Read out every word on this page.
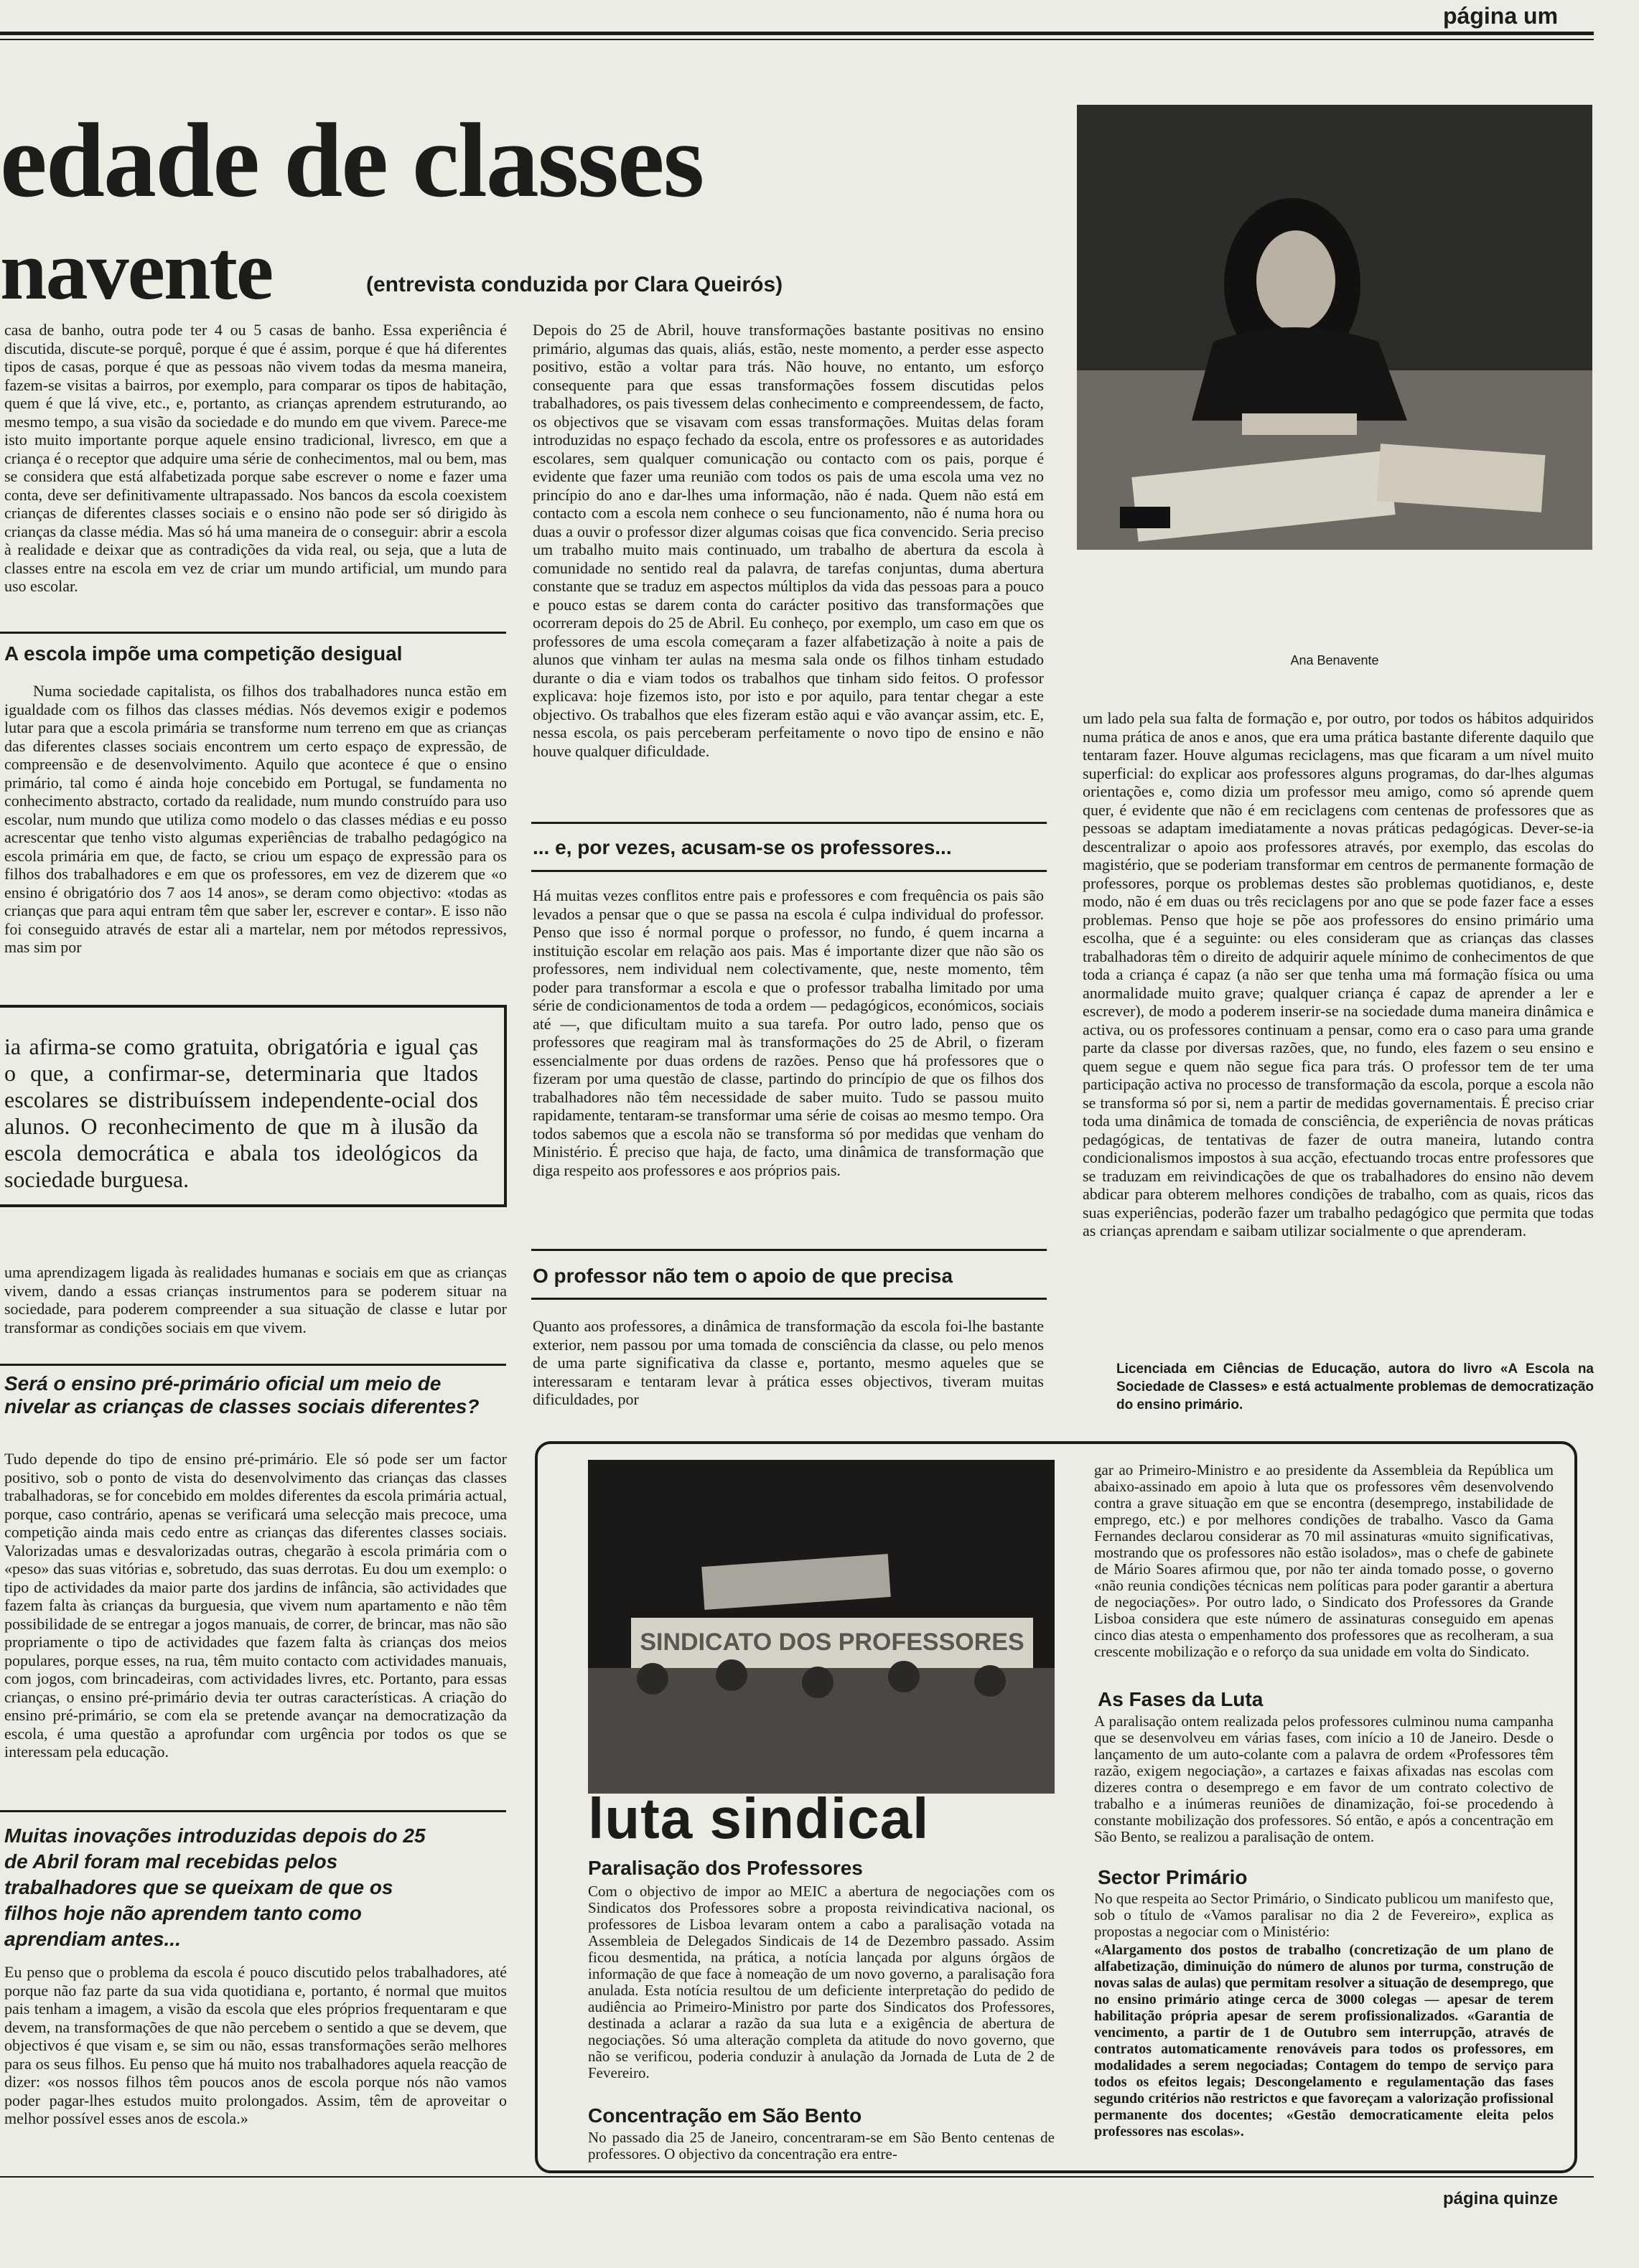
página um
edade de classes
navente	(entrevista conduzida por Clara Queirós)
casa de banho, outra pode ter 4 ou 5 casas de banho. Essa experiência é discutida, discute-se porquê, porque é que é assim, porque é que há diferentes tipos de casas, porque é que as pessoas não vivem todas da mesma maneira, fazem-se visitas a bairros, por exemplo, para comparar os tipos de habitação, quem é que lá vive, etc., e, portanto, as crianças aprendem estruturando, ao mesmo tempo, a sua visão da sociedade e do mundo em que vivem. Parece-me isto muito importante porque aquele ensino tradicional, livresco, em que a criança é o receptor que adquire uma série de conhecimentos, mal ou bem, mas se considera que está alfabetizada porque sabe escrever o nome e fazer uma conta, deve ser definitivamente ultrapassado. Nos bancos da escola coexistem crianças de diferentes classes sociais e o ensino não pode ser só dirigido às crianças da classe média. Mas só há uma maneira de o conseguir: abrir a escola à realidade e deixar que as contradições da vida real, ou seja, que a luta de classes entre na escola em vez de criar um mundo artificial, um mundo para uso escolar.
A escola impõe uma competição desigual
Numa sociedade capitalista, os filhos dos trabalhadores nunca estão em igualdade com os filhos das classes médias. Nós devemos exigir e podemos lutar para que a escola primária se transforme num terreno em que as crianças das diferentes classes sociais encontrem um certo espaço de expressão, de compreensão e de desenvolvimento. Aquilo que acontece é que o ensino primário, tal como é ainda hoje concebido em Portugal, se fundamenta no conhecimento abstracto, cortado da realidade, num mundo construído para uso escolar, num mundo que utiliza como modelo o das classes médias e eu posso acrescentar que tenho visto algumas experiências de trabalho pedagógico na escola primária em que, de facto, se criou um espaço de expressão para os filhos dos trabalhadores e em que os professores, em vez de dizerem que «o ensino é obrigatório dos 7 aos 14 anos», se deram como objectivo: «todas as crianças que para aqui entram têm que saber ler, escrever e contar». E isso não foi conseguido através de estar ali a martelar, nem por métodos repressivos, mas sim por
ia afirma-se como gratuita, obrigatória e igual ças o que, a confirmar-se, determinaria que ltados escolares se distribuíssem independente-ocial dos alunos. O reconhecimento de que m à ilusão da escola democrática e abala tos ideológicos da sociedade burguesa.
uma aprendizagem ligada às realidades humanas e sociais em que as crianças vivem, dando a essas crianças instrumentos para se poderem situar na sociedade, para poderem compreender a sua situação de classe e lutar por transformar as condições sociais em que vivem.
Será o ensino pré-primário oficial um meio de nivelar as crianças de classes sociais diferentes?
Tudo depende do tipo de ensino pré-primário. Ele só pode ser um factor positivo, sob o ponto de vista do desenvolvimento das crianças das classes trabalhadoras, se for concebido em moldes diferentes da escola primária actual, porque, caso contrário, apenas se verificará uma selecção mais precoce, uma competição ainda mais cedo entre as crianças das diferentes classes sociais. Valorizadas umas e desvalorizadas outras, chegarão à escola primária com o «peso» das suas vitórias e, sobretudo, das suas derrotas. Eu dou um exemplo: o tipo de actividades da maior parte dos jardins de infância, são actividades que fazem falta às crianças da burguesia, que vivem num apartamento e não têm possibilidade de se entregar a jogos manuais, de correr, de brincar, mas não são propriamente o tipo de actividades que fazem falta às crianças dos meios populares, porque esses, na rua, têm muito contacto com actividades manuais, com jogos, com brincadeiras, com actividades livres, etc. Portanto, para essas crianças, o ensino pré-primário devia ter outras características. A criação do ensino pré-primário, se com ela se pretende avançar na democratização da escola, é uma questão a aprofundar com urgência por todos os que se interessam pela educação.
Muitas inovações introduzidas depois do 25 de Abril foram mal recebidas pelos trabalhadores que se queixam de que os filhos hoje não aprendem tanto como aprendiam antes...
Eu penso que o problema da escola é pouco discutido pelos trabalhadores, até porque não faz parte da sua vida quotidiana e, portanto, é normal que muitos pais tenham a imagem, a visão da escola que eles próprios frequentaram e que devem, na transformações de que não percebem o sentido a que se devem, que objectivos é que visam e, se sim ou não, essas transformações serão melhores para os seus filhos. Eu penso que há muito nos trabalhadores aquela reacção de dizer: «os nossos filhos têm poucos anos de escola porque nós não vamos poder pagar-lhes estudos muito prolongados. Assim, têm de aproveitar o melhor possível esses anos de escola.»
Depois do 25 de Abril, houve transformações bastante positivas no ensino primário, algumas das quais, aliás, estão, neste momento, a perder esse aspecto positivo, estão a voltar para trás. Não houve, no entanto, um esforço consequente para que essas transformações fossem discutidas pelos trabalhadores, os pais tivessem delas conhecimento e compreendessem, de facto, os objectivos que se visavam com essas transformações. Muitas delas foram introduzidas no espaço fechado da escola, entre os professores e as autoridades escolares, sem qualquer comunicação ou contacto com os pais, porque é evidente que fazer uma reunião com todos os pais de uma escola uma vez no princípio do ano e dar-lhes uma informação, não é nada. Quem não está em contacto com a escola nem conhece o seu funcionamento, não é numa hora ou duas a ouvir o professor dizer algumas coisas que fica convencido. Seria preciso um trabalho muito mais continuado, um trabalho de abertura da escola à comunidade no sentido real da palavra, de tarefas conjuntas, duma abertura constante que se traduz em aspectos múltiplos da vida das pessoas para a pouco e pouco estas se darem conta do carácter positivo das transformações que ocorreram depois do 25 de Abril. Eu conheço, por exemplo, um caso em que os professores de uma escola começaram a fazer alfabetização à noite a pais de alunos que vinham ter aulas na mesma sala onde os filhos tinham estudado durante o dia e viam todos os trabalhos que tinham sido feitos. O professor explicava: hoje fizemos isto, por isto e por aquilo, para tentar chegar a este objectivo. Os trabalhos que eles fizeram estão aqui e vão avançar assim, etc. E, nessa escola, os pais perceberam perfeitamente o novo tipo de ensino e não houve qualquer dificuldade.
... e, por vezes, acusam-se os professores...
Há muitas vezes conflitos entre pais e professores e com frequência os pais são levados a pensar que o que se passa na escola é culpa individual do professor. Penso que isso é normal porque o professor, no fundo, é quem incarna a instituição escolar em relação aos pais. Mas é importante dizer que não são os professores, nem individual nem colectivamente, que, neste momento, têm poder para transformar a escola e que o professor trabalha limitado por uma série de condicionamentos de toda a ordem — pedagógicos, económicos, sociais até —, que dificultam muito a sua tarefa. Por outro lado, penso que os professores que reagiram mal às transformações do 25 de Abril, o fizeram essencialmente por duas ordens de razões. Penso que há professores que o fizeram por uma questão de classe, partindo do princípio de que os filhos dos trabalhadores não têm necessidade de saber muito. Tudo se passou muito rapidamente, tentaram-se transformar uma série de coisas ao mesmo tempo. Ora todos sabemos que a escola não se transforma só por medidas que venham do Ministério. É preciso que haja, de facto, uma dinâmica de transformação que diga respeito aos professores e aos próprios pais.
O professor não tem o apoio de que precisa
Quanto aos professores, a dinâmica de transformação da escola foi-lhe bastante exterior, nem passou por uma tomada de consciência da classe, ou pelo menos de uma parte significativa da classe e, portanto, mesmo aqueles que se interessaram e tentaram levar à prática esses objectivos, tiveram muitas dificuldades, por
Ana Benavente
um lado pela sua falta de formação e, por outro, por todos os hábitos adquiridos numa prática de anos e anos, que era uma prática bastante diferente daquilo que tentaram fazer. Houve algumas reciclagens, mas que ficaram a um nível muito superficial: do explicar aos professores alguns programas, do dar-lhes algumas orientações e, como dizia um professor meu amigo, como só aprende quem quer, é evidente que não é em reciclagens com centenas de professores que as pessoas se adaptam imediatamente a novas práticas pedagógicas. Dever-se-ia descentralizar o apoio aos professores através, por exemplo, das escolas do magistério, que se poderiam transformar em centros de permanente formação de professores, porque os problemas destes são problemas quotidianos, e, deste modo, não é em duas ou três reciclagens por ano que se pode fazer face a esses problemas. Penso que hoje se põe aos professores do ensino primário uma escolha, que é a seguinte: ou eles consideram que as crianças das classes trabalhadoras têm o direito de adquirir aquele mínimo de conhecimentos de que toda a criança é capaz (a não ser que tenha uma má formação física ou uma anormalidade muito grave; qualquer criança é capaz de aprender a ler e escrever), de modo a poderem inserir-se na sociedade duma maneira dinâmica e activa, ou os professores continuam a pensar, como era o caso para uma grande parte da classe por diversas razões, que, no fundo, eles fazem o seu ensino e quem segue e quem não segue fica para trás. O professor tem de ter uma participação activa no processo de transformação da escola, porque a escola não se transforma só por si, nem a partir de medidas governamentais. É preciso criar toda uma dinâmica de tomada de consciência, de experiência de novas práticas pedagógicas, de tentativas de fazer de outra maneira, lutando contra condicionalismos impostos à sua acção, efectuando trocas entre professores que se traduzam em reivindicações de que os trabalhadores do ensino não devem abdicar para obterem melhores condições de trabalho, com as quais, ricos das suas experiências, poderão fazer um trabalho pedagógico que permita que todas as crianças aprendam e saibam utilizar socialmente o que aprenderam.
Licenciada em Ciências de Educação, autora do livro «A Escola na Sociedade de Classes» e está actualmente problemas de democratização do ensino primário.
SINDICATO DOS PROFESSORES
luta sindical
Paralisação dos Professores
Com o objectivo de impor ao MEIC a abertura de negociações com os Sindicatos dos Professores sobre a proposta reivindicativa nacional, os professores de Lisboa levaram ontem a cabo a paralisação votada na Assembleia de Delegados Sindicais de 14 de Dezembro passado. Assim ficou desmentida, na prática, a notícia lançada por alguns órgãos de informação de que face à nomeação de um novo governo, a paralisação fora anulada. Esta notícia resultou de um deficiente interpretação do pedido de audiência ao Primeiro-Ministro por parte dos Sindicatos dos Professores, destinada a aclarar a razão da sua luta e a exigência de abertura de negociações. Só uma alteração completa da atitude do novo governo, que não se verificou, poderia conduzir à anulação da Jornada de Luta de 2 de Fevereiro.
Concentração em São Bento
No passado dia 25 de Janeiro, concentraram-se em São Bento centenas de professores. O objectivo da concentração era entre-
gar ao Primeiro-Ministro e ao presidente da Assembleia da República um abaixo-assinado em apoio à luta que os professores vêm desenvolvendo contra a grave situação em que se encontra (desemprego, instabilidade de emprego, etc.) e por melhores condições de trabalho. Vasco da Gama Fernandes declarou considerar as 70 mil assinaturas «muito significativas, mostrando que os professores não estão isolados», mas o chefe de gabinete de Mário Soares afirmou que, por não ter ainda tomado posse, o governo «não reunia condições técnicas nem políticas para poder garantir a abertura de negociações». Por outro lado, o Sindicato dos Professores da Grande Lisboa considera que este número de assinaturas conseguido em apenas cinco dias atesta o empenhamento dos professores que as recolheram, a sua crescente mobilização e o reforço da sua unidade em volta do Sindicato.
As Fases da Luta
A paralisação ontem realizada pelos professores culminou numa campanha que se desenvolveu em várias fases, com início a 10 de Janeiro. Desde o lançamento de um auto-colante com a palavra de ordem «Professores têm razão, exigem negociação», a cartazes e faixas afixadas nas escolas com dizeres contra o desemprego e em favor de um contrato colectivo de trabalho e a inúmeras reuniões de dinamização, foi-se procedendo à constante mobilização dos professores. Só então, e após a concentração em São Bento, se realizou a paralisação de ontem.
Sector Primário
No que respeita ao Sector Primário, o Sindicato publicou um manifesto que, sob o título de «Vamos paralisar no dia 2 de Fevereiro», explica as propostas a negociar com o Ministério:
«Alargamento dos postos de trabalho (concretização de um plano de alfabetização, diminuição do número de alunos por turma, construção de novas salas de aulas) que permitam resolver a situação de desemprego, que no ensino primário atinge cerca de 3000 colegas — apesar de terem habilitação própria apesar de serem profissionalizados. «Garantia de vencimento, a partir de 1 de Outubro sem interrupção, através de contratos automaticamente renováveis para todos os professores, em modalidades a serem negociadas; Contagem do tempo de serviço para todos os efeitos legais; Descongelamento e regulamentação das fases segundo critérios não restrictos e que favoreçam a valorização profissional permanente dos docentes; «Gestão democraticamente eleita pelos professores nas escolas».
página quinze
